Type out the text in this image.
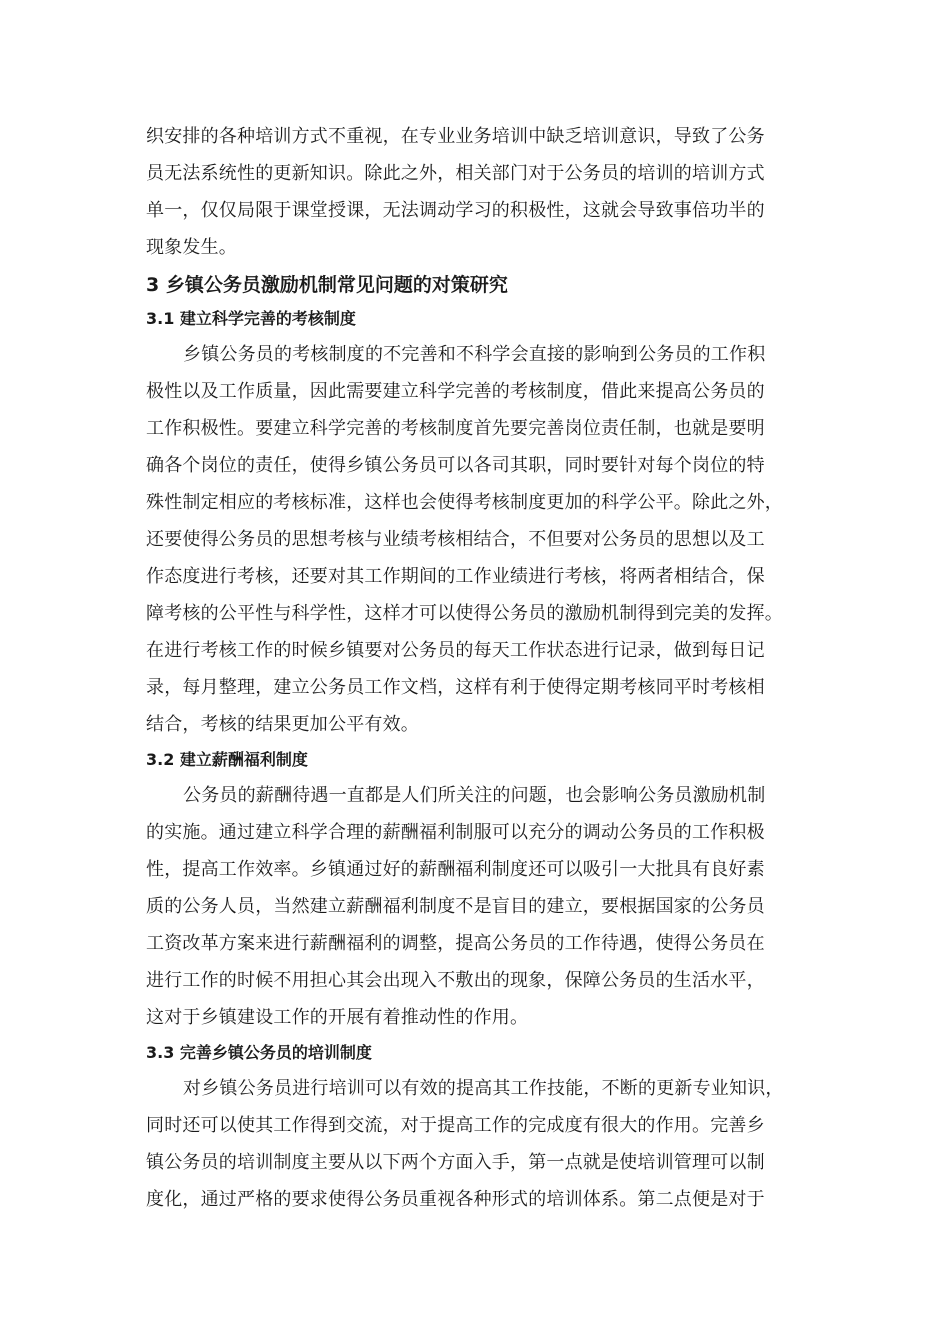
织安排的各种培训方式不重视，在专业业务培训中缺乏培训意识，导致了公务
员无法系统性的更新知识。除此之外，相关部门对于公务员的培训的培训方式
单一，仅仅局限于课堂授课，无法调动学习的积极性，这就会导致事倍功半的
现象发生。
3 乡镇公务员激励机制常见问题的对策研究
3.1 建立科学完善的考核制度
乡镇公务员的考核制度的不完善和不科学会直接的影响到公务员的工作积
极性以及工作质量，因此需要建立科学完善的考核制度，借此来提高公务员的
工作积极性。要建立科学完善的考核制度首先要完善岗位责任制，也就是要明
确各个岗位的责任，使得乡镇公务员可以各司其职，同时要针对每个岗位的特
殊性制定相应的考核标准，这样也会使得考核制度更加的科学公平。除此之外，
还要使得公务员的思想考核与业绩考核相结合，不但要对公务员的思想以及工
作态度进行考核，还要对其工作期间的工作业绩进行考核，将两者相结合，保
障考核的公平性与科学性，这样才可以使得公务员的激励机制得到完美的发挥。
在进行考核工作的时候乡镇要对公务员的每天工作状态进行记录，做到每日记
录，每月整理，建立公务员工作文档，这样有利于使得定期考核同平时考核相
结合，考核的结果更加公平有效。
3.2 建立薪酬福利制度
公务员的薪酬待遇一直都是人们所关注的问题，也会影响公务员激励机制
的实施。通过建立科学合理的薪酬福利制服可以充分的调动公务员的工作积极
性，提高工作效率。乡镇通过好的薪酬福利制度还可以吸引一大批具有良好素
质的公务人员，当然建立薪酬福利制度不是盲目的建立，要根据国家的公务员
工资改革方案来进行薪酬福利的调整，提高公务员的工作待遇，使得公务员在
进行工作的时候不用担心其会出现入不敷出的现象，保障公务员的生活水平，
这对于乡镇建设工作的开展有着推动性的作用。
3.3 完善乡镇公务员的培训制度
对乡镇公务员进行培训可以有效的提高其工作技能，不断的更新专业知识，
同时还可以使其工作得到交流，对于提高工作的完成度有很大的作用。完善乡
镇公务员的培训制度主要从以下两个方面入手，第一点就是使培训管理可以制
度化，通过严格的要求使得公务员重视各种形式的培训体系。第二点便是对于
